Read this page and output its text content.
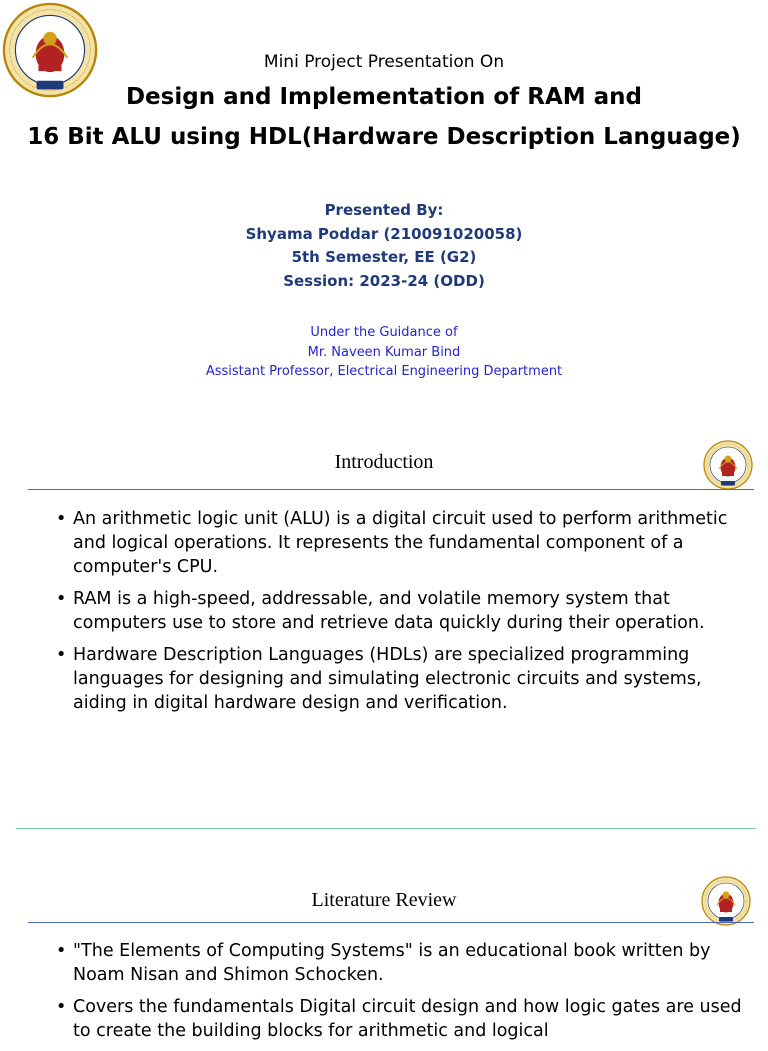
Mini Project Presentation On
Design and Implementation of RAM and
16 Bit ALU using HDL(Hardware Description Language)
Presented By:
Shyama Poddar (210091020058)
5th Semester, EE (G2)
Session: 2023-24 (ODD)
Under the Guidance of
Mr. Naveen Kumar Bind
Assistant Professor, Electrical Engineering Department
Introduction
• An arithmetic logic unit (ALU) is a digital circuit used to perform arithmetic and logical operations. It represents the fundamental component of a computer's CPU.
• RAM is a high-speed, addressable, and volatile memory system that computers use to store and retrieve data quickly during their operation.
• Hardware Description Languages (HDLs) are specialized programming languages for designing and simulating electronic circuits and systems, aiding in digital hardware design and verification.
Literature Review
• "The Elements of Computing Systems" is an educational book written by Noam Nisan and Shimon Schocken.
• Covers the fundamentals Digital circuit design and how logic gates are used to create the building blocks for arithmetic and logical
